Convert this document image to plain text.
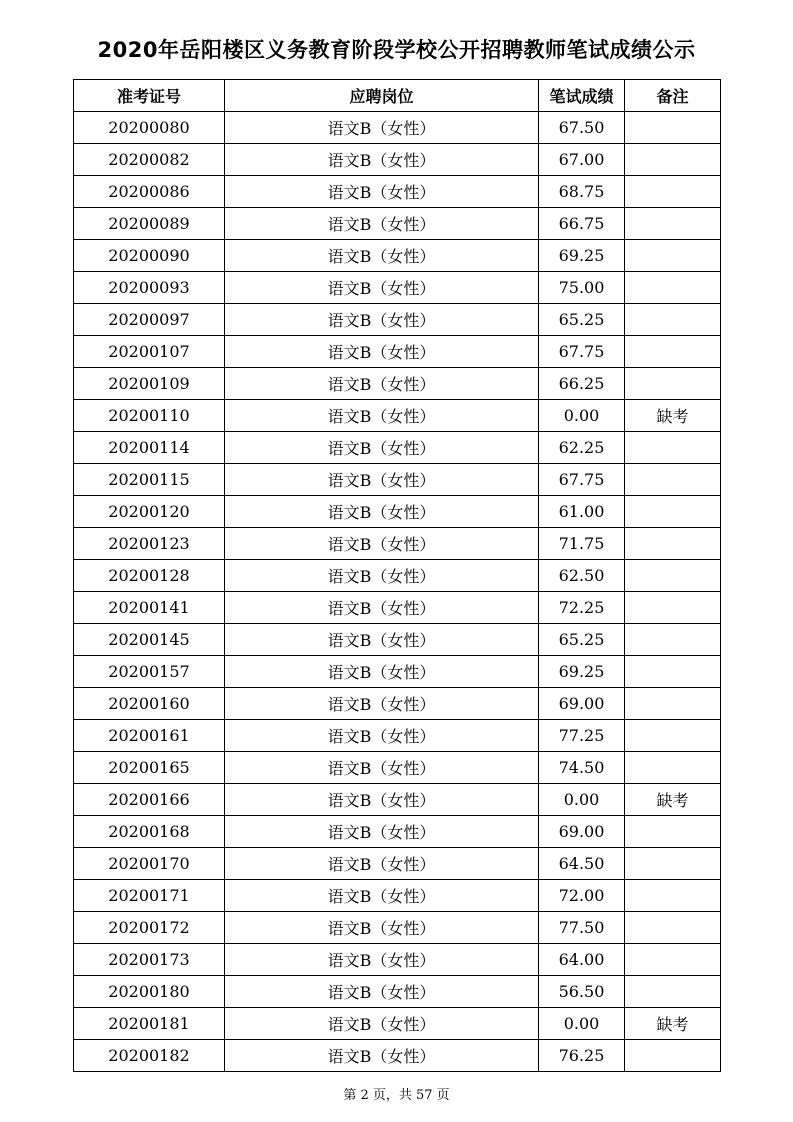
2020年岳阳楼区义务教育阶段学校公开招聘教师笔试成绩公示
准考证号	应聘岗位	笔试成绩	备注
20200080	语文B（女性）	67.50	
20200082	语文B（女性）	67.00	
20200086	语文B（女性）	68.75	
20200089	语文B（女性）	66.75	
20200090	语文B（女性）	69.25	
20200093	语文B（女性）	75.00	
20200097	语文B（女性）	65.25	
20200107	语文B（女性）	67.75	
20200109	语文B（女性）	66.25	
20200110	语文B（女性）	0.00	缺考
20200114	语文B（女性）	62.25	
20200115	语文B（女性）	67.75	
20200120	语文B（女性）	61.00	
20200123	语文B（女性）	71.75	
20200128	语文B（女性）	62.50	
20200141	语文B（女性）	72.25	
20200145	语文B（女性）	65.25	
20200157	语文B（女性）	69.25	
20200160	语文B（女性）	69.00	
20200161	语文B（女性）	77.25	
20200165	语文B（女性）	74.50	
20200166	语文B（女性）	0.00	缺考
20200168	语文B（女性）	69.00	
20200170	语文B（女性）	64.50	
20200171	语文B（女性）	72.00	
20200172	语文B（女性）	77.50	
20200173	语文B（女性）	64.00	
20200180	语文B（女性）	56.50	
20200181	语文B（女性）	0.00	缺考
20200182	语文B（女性）	76.25	
第 2 页，共 57 页
